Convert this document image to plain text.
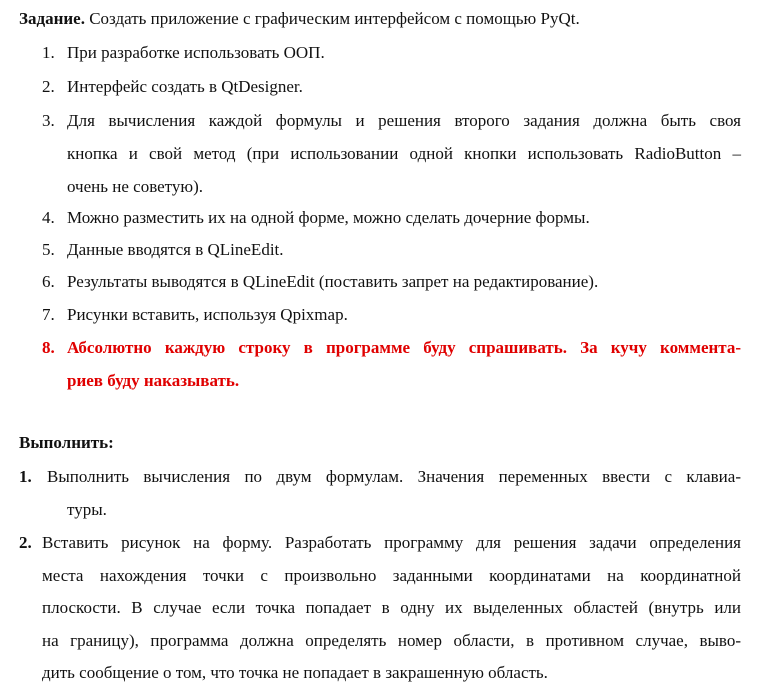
Задание. Создать приложение с графическим интерфейсом с помощью PyQt.
1. При разработке использовать ООП.
2. Интерфейс создать в QtDesigner.
3. Для вычисления каждой формулы и решения второго задания должна быть своя
кнопка и свой метод (при использовании одной кнопки использовать RadioButton –
очень не советую).
4. Можно разместить их на одной форме, можно сделать дочерние формы.
5. Данные вводятся в QLineEdit.
6. Результаты выводятся в QLineEdit (поставить запрет на редактирование).
7. Рисунки вставить, используя Qpixmap.
8. Абсолютно каждую строку в программе буду спрашивать. За кучу коммента-
риев буду наказывать.
Выполнить:
1. Выполнить вычисления по двум формулам. Значения переменных ввести с клавиа-
туры.
2. Вставить рисунок на форму. Разработать программу для решения задачи определения
места нахождения точки с произвольно заданными координатами на координатной
плоскости. В случае если точка попадает в одну их выделенных областей (внутрь или
на границу), программа должна определять номер области, в противном случае, выво-
дить сообщение о том, что точка не попадает в закрашенную область.
